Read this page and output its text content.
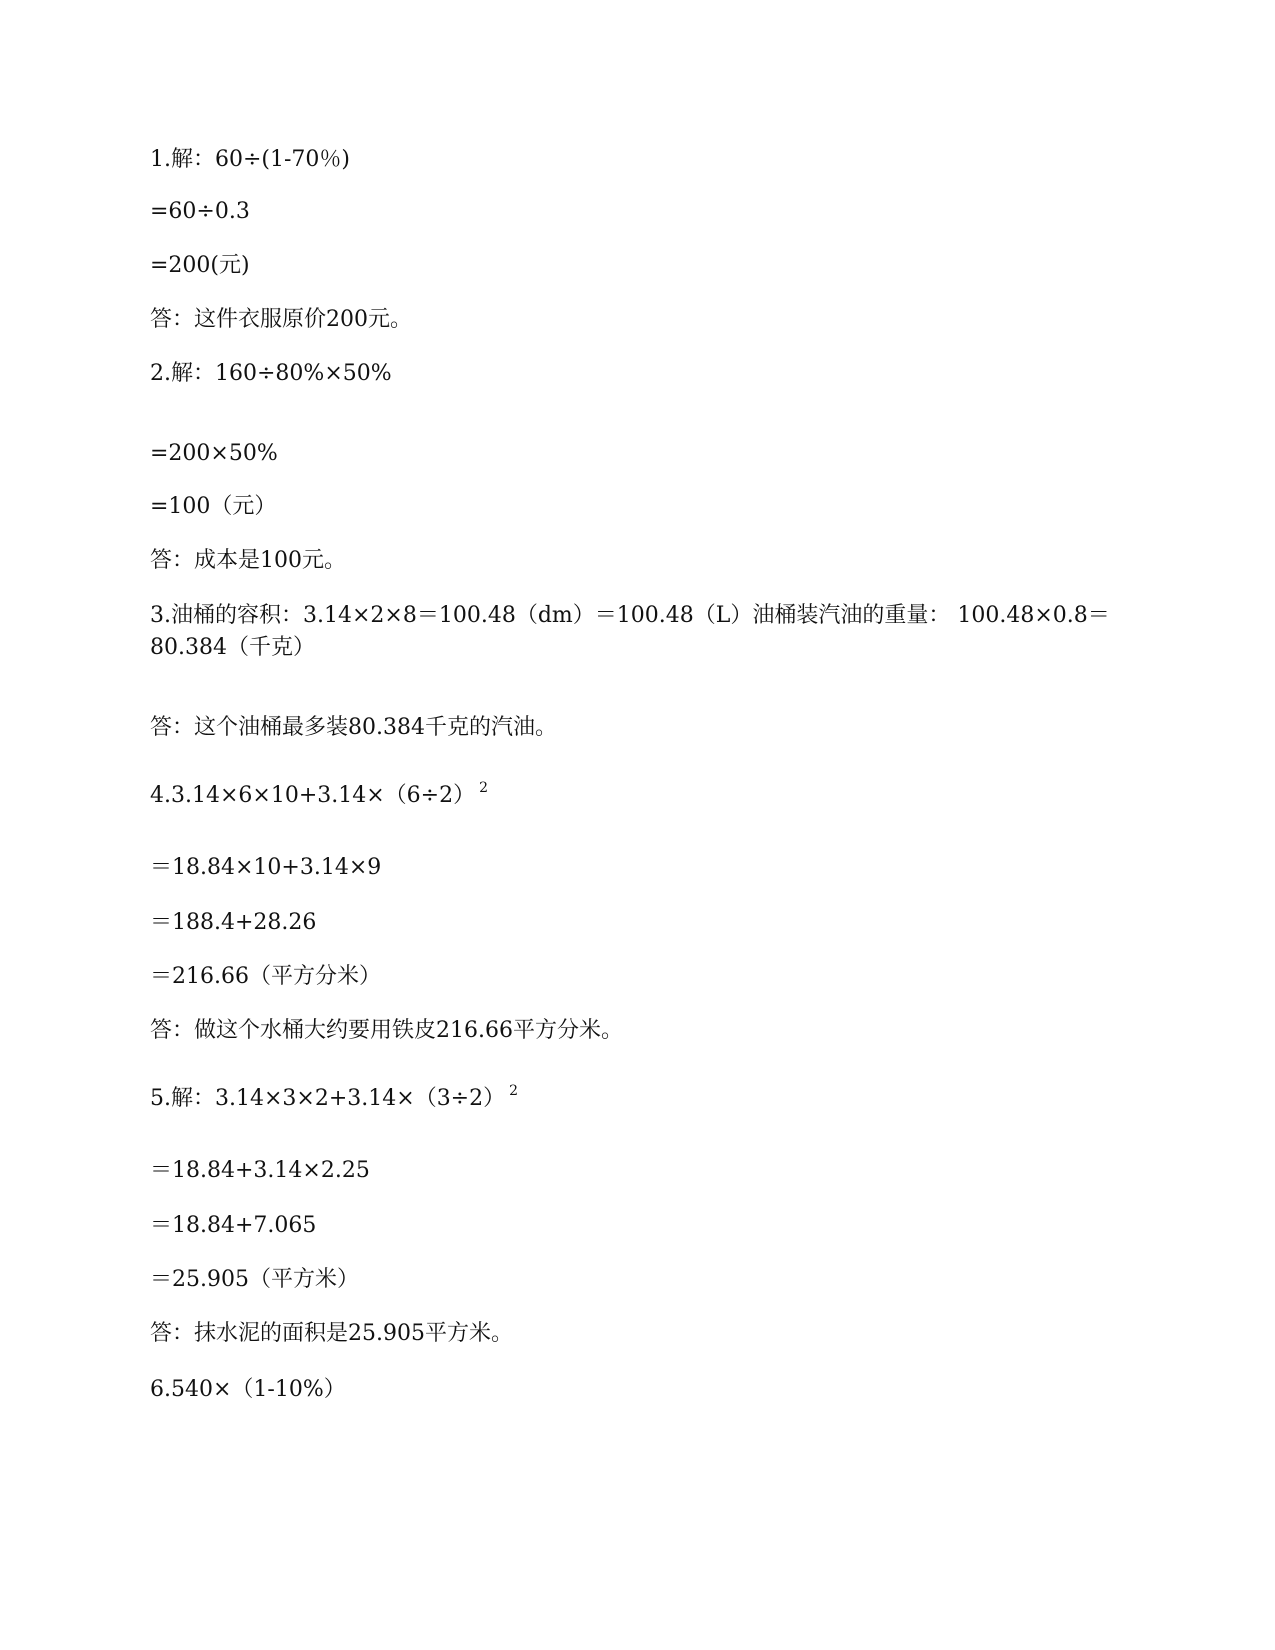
1.解：60÷(1-70％)
=60÷0.3
=200(元)
答：这件衣服原价200元。
2.解：160÷80%×50%
=200×50%
=100（元）
答：成本是100元。
3.油桶的容积：3.14×2×8＝100.48（dm）＝100.48（L）油桶装汽油的重量： 100.48×0.8＝ 80.384（千克）
答：这个油桶最多装80.384千克的汽油。
4.3.14×6×10+3.14×（6÷2） $^2$
＝18.84×10+3.14×9
＝188.4+28.26
＝216.66（平方分米）
答：做这个水桶大约要用铁皮216.66平方分米。
5.解：3.14×3×2+3.14×（3÷2） $^2$
＝18.84+3.14×2.25
＝18.84+7.065
＝25.905（平方米）
答：抹水泥的面积是25.905平方米。
6.540×（1-10%）
